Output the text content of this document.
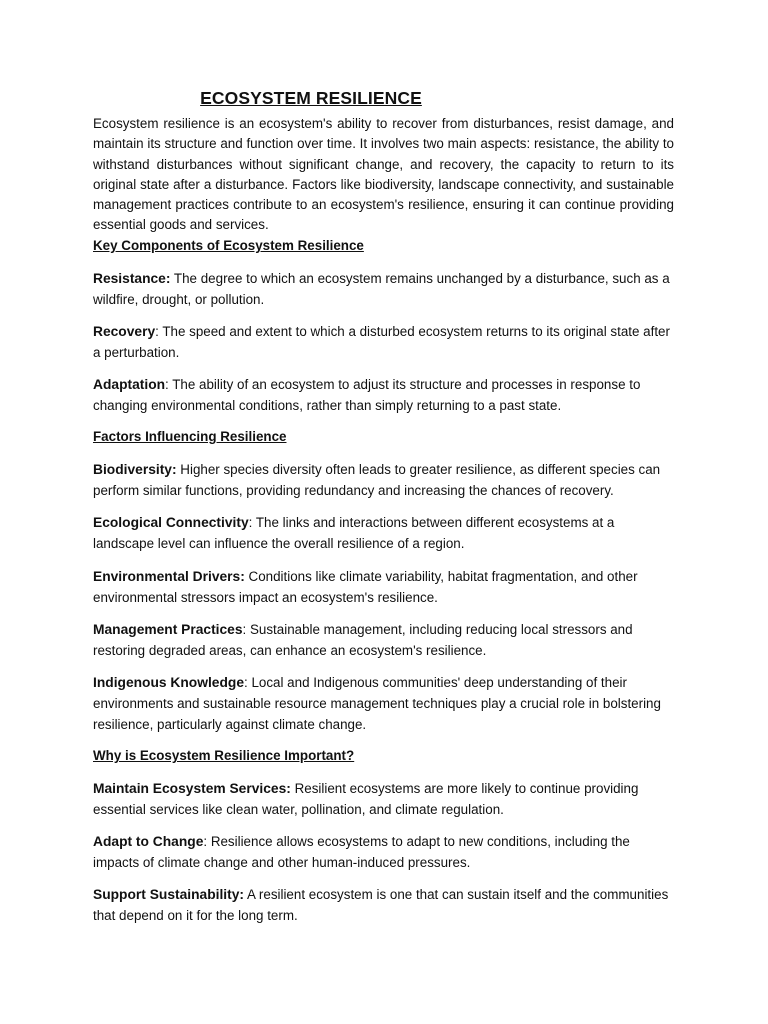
ECOSYSTEM RESILIENCE

Ecosystem resilience is an ecosystem's ability to recover from disturbances, resist damage, and maintain its structure and function over time. It involves two main aspects: resistance, the ability to withstand disturbances without significant change, and recovery, the capacity to return to its original state after a disturbance. Factors like biodiversity, landscape connectivity, and sustainable management practices contribute to an ecosystem's resilience, ensuring it can continue providing essential goods and services.

Key Components of Ecosystem Resilience

Resistance: The degree to which an ecosystem remains unchanged by a disturbance, such as a wildfire, drought, or pollution.

Recovery: The speed and extent to which a disturbed ecosystem returns to its original state after a perturbation.

Adaptation: The ability of an ecosystem to adjust its structure and processes in response to changing environmental conditions, rather than simply returning to a past state.

Factors Influencing Resilience

Biodiversity: Higher species diversity often leads to greater resilience, as different species can perform similar functions, providing redundancy and increasing the chances of recovery.

Ecological Connectivity: The links and interactions between different ecosystems at a landscape level can influence the overall resilience of a region.

Environmental Drivers: Conditions like climate variability, habitat fragmentation, and other environmental stressors impact an ecosystem's resilience.

Management Practices: Sustainable management, including reducing local stressors and restoring degraded areas, can enhance an ecosystem's resilience.

Indigenous Knowledge: Local and Indigenous communities' deep understanding of their environments and sustainable resource management techniques play a crucial role in bolstering resilience, particularly against climate change.

Why is Ecosystem Resilience Important?

Maintain Ecosystem Services: Resilient ecosystems are more likely to continue providing essential services like clean water, pollination, and climate regulation.

Adapt to Change: Resilience allows ecosystems to adapt to new conditions, including the impacts of climate change and other human-induced pressures.

Support Sustainability: A resilient ecosystem is one that can sustain itself and the communities that depend on it for the long term.
